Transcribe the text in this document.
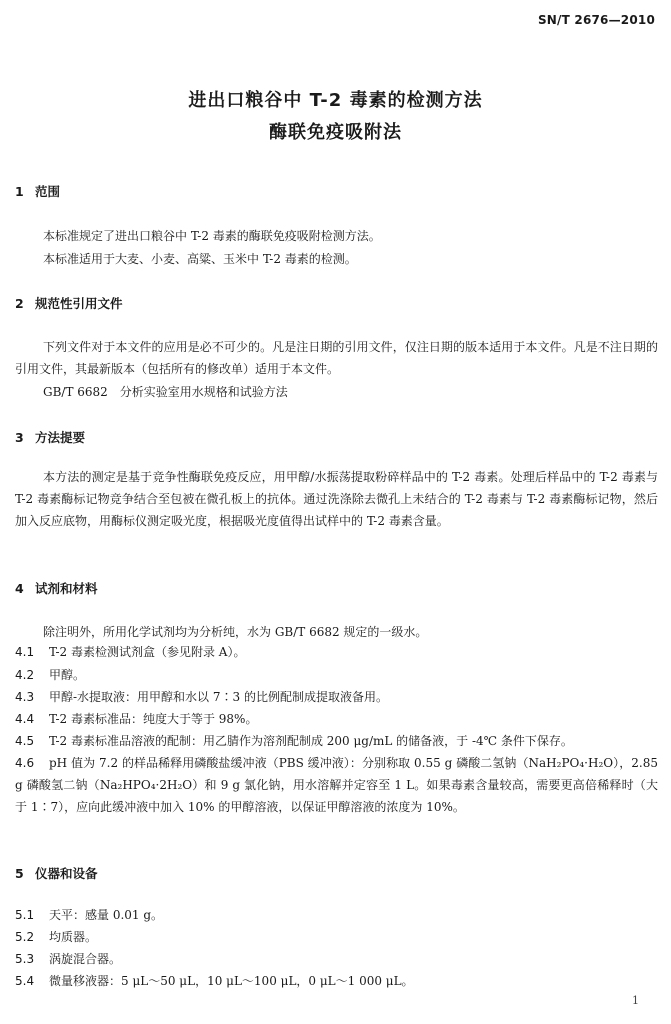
SN/T 2676—2010
进出口粮谷中 T-2 毒素的检测方法
酶联免疫吸附法
1 范围
本标准规定了进出口粮谷中 T-2 毒素的酶联免疫吸附检测方法。
本标准适用于大麦、小麦、高粱、玉米中 T-2 毒素的检测。
2 规范性引用文件

下列文件对于本文件的应用是必不可少的。凡是注日期的引用文件，仅注日期的版本适用于本文件。凡是不注日期的引用文件，其最新版本（包括所有的修改单）适用于本文件。

GB/T 6682　分析实验室用水规格和试验方法
3 方法提要

本方法的测定是基于竞争性酶联免疫反应，用甲醇/水振荡提取粉碎样品中的 T-2 毒素。处理后样品中的 T-2 毒素与 T-2 毒素酶标记物竞争结合至包被在微孔板上的抗体。通过洗涤除去微孔上未结合的 T-2 毒素与 T-2 毒素酶标记物，然后加入反应底物，用酶标仪测定吸光度，根据吸光度值得出试样中的 T-2 毒素含量。

4 试剂和材料
除注明外，所用化学试剂均为分析纯，水为 GB/T 6682 规定的一级水。
4.1 T-2 毒素检测试剂盒（参见附录 A）。
4.2 甲醇。
4.3 甲醇-水提取液：用甲醇和水以 7∶3 的比例配制成提取液备用。
4.4 T-2 毒素标准品：纯度大于等于 98%。
4.5 T-2 毒素标准品溶液的配制：用乙腈作为溶剂配制成 200 μg/mL 的储备液，于 -4℃ 条件下保存。

4.6 pH 值为 7.2 的样品稀释用磷酸盐缓冲液（PBS 缓冲液）：分别称取 0.55 g 磷酸二氢钠（NaH₂PO₄·H₂O），2.85 g 磷酸氢二钠（Na₂HPO₄·2H₂O）和 9 g 氯化钠，用水溶解并定容至 1 L。如果毒素含量较高，需要更高倍稀释时（大于 1∶7），应向此缓冲液中加入 10% 的甲醇溶液，以保证甲醇溶液的浓度为 10%。

5 仪器和设备
5.1 天平：感量 0.01 g。
5.2 均质器。
5.3 涡旋混合器。
5.4 微量移液器：5 μL～50 μL，10 μL～100 μL，0 μL～1 000 μL。
1
